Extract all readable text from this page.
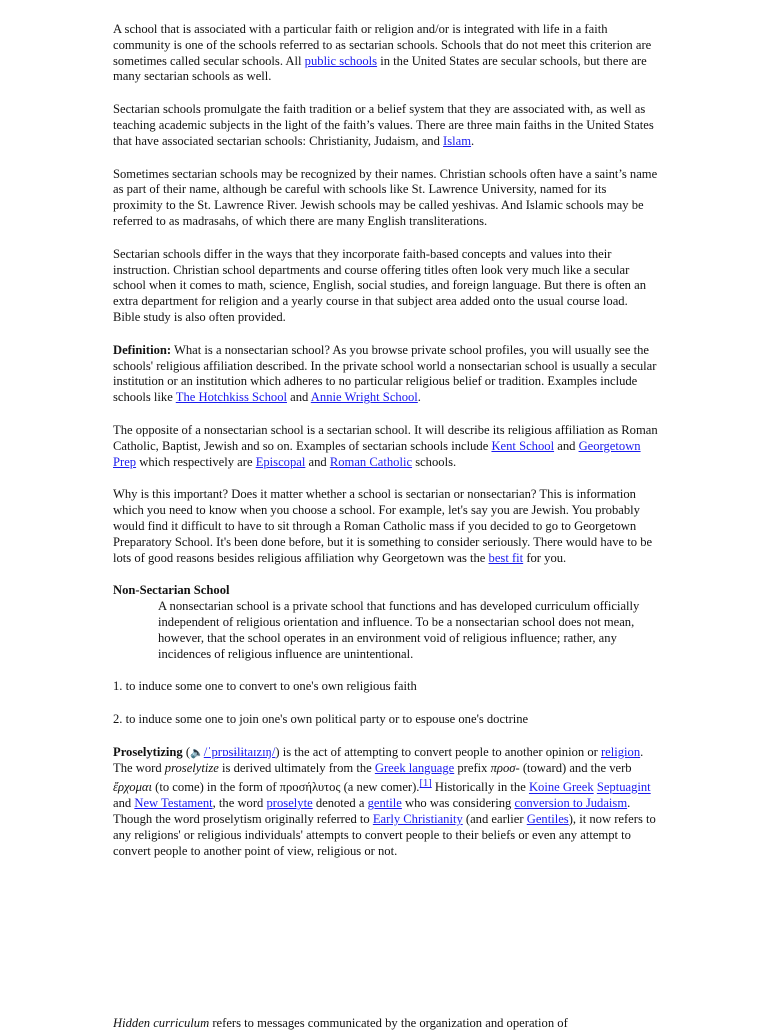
A school that is associated with a particular faith or religion and/or is integrated with life in a faith community is one of the schools referred to as sectarian schools. Schools that do not meet this criterion are sometimes called secular schools. All public schools in the United States are secular schools, but there are many sectarian schools as well.

Sectarian schools promulgate the faith tradition or a belief system that they are associated with, as well as teaching academic subjects in the light of the faith’s values. There are three main faiths in the United States that have associated sectarian schools: Christianity, Judaism, and Islam.

Sometimes sectarian schools may be recognized by their names. Christian schools often have a saint’s name as part of their name, although be careful with schools like St. Lawrence University, named for its proximity to the St. Lawrence River. Jewish schools may be called yeshivas. And Islamic schools may be referred to as madrasahs, of which there are many English transliterations.

Sectarian schools differ in the ways that they incorporate faith-based concepts and values into their instruction. Christian school departments and course offering titles often look very much like a secular school when it comes to math, science, English, social studies, and foreign language. But there is often an extra department for religion and a yearly course in that subject area added onto the usual course load. Bible study is also often provided.

Definition: What is a nonsectarian school? As you browse private school profiles, you will usually see the schools' religious affiliation described. In the private school world a nonsectarian school is usually a secular institution or an institution which adheres to no particular religious belief or tradition. Examples include schools like The Hotchkiss School and Annie Wright School.

The opposite of a nonsectarian school is a sectarian school. It will describe its religious affiliation as Roman Catholic, Baptist, Jewish and so on. Examples of sectarian schools include Kent School and Georgetown Prep which respectively are Episcopal and Roman Catholic schools.

Why is this important? Does it matter whether a school is sectarian or nonsectarian? This is information which you need to know when you choose a school. For example, let's say you are Jewish. You probably would find it difficult to have to sit through a Roman Catholic mass if you decided to go to Georgetown Preparatory School. It's been done before, but it is something to consider seriously. There would have to be lots of good reasons besides religious affiliation why Georgetown was the best fit for you.

Non-Sectarian School

A nonsectarian school is a private school that functions and has developed curriculum officially independent of religious orientation and influence. To be a nonsectarian school does not mean, however, that the school operates in an environment void of religious influence; rather, any incidences of religious influence are unintentional.

1. to induce some one to convert to one's own religious faith

2. to induce some one to join one's own political party or to espouse one's doctrine

Proselytizing (🔈/ˈprɒsɨlɨtaɪzɪŋ/) is the act of attempting to convert people to another opinion or religion. The word proselytize is derived ultimately from the Greek language prefix προσ- (toward) and the verb ἔρχομαι (to come) in the form of προσήλυτος (a new comer).[1] Historically in the Koine Greek Septuagint and New Testament, the word proselyte denoted a gentile who was considering conversion to Judaism. Though the word proselytism originally referred to Early Christianity (and earlier Gentiles), it now refers to any religions' or religious individuals' attempts to convert people to their beliefs or even any attempt to convert people to another point of view, religious or not.

Hidden curriculum refers to messages communicated by the organization and operation of
